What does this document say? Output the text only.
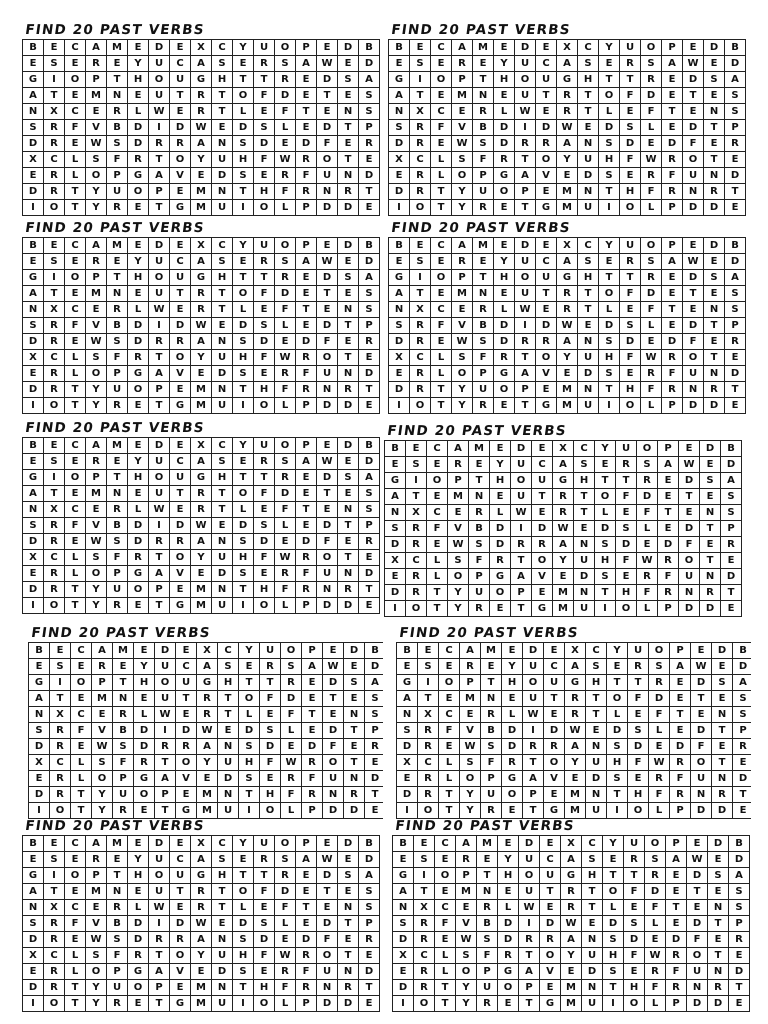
FIND 20 PAST VERBS
B	E	C	A	M	E	D	E	X	C	Y	U	O	P	E	D	B
E	S	E	R	E	Y	U	C	A	S	E	R	S	A	W	E	D
G	I	O	P	T	H	O	U	G	H	T	T	R	E	D	S	A
A	T	E	M	N	E	U	T	R	T	O	F	D	E	T	E	S
N	X	C	E	R	L	W	E	R	T	L	E	F	T	E	N	S
S	R	F	V	B	D	I	D	W	E	D	S	L	E	D	T	P
D	R	E	W	S	D	R	R	A	N	S	D	E	D	F	E	R
X	C	L	S	F	R	T	O	Y	U	H	F	W	R	O	T	E
E	R	L	O	P	G	A	V	E	D	S	E	R	F	U	N	D
D	R	T	Y	U	O	P	E	M	N	T	H	F	R	N	R	T
I	O	T	Y	R	E	T	G	M	U	I	O	L	P	D	D	E
FIND 20 PAST VERBS
B	E	C	A	M	E	D	E	X	C	Y	U	O	P	E	D	B
E	S	E	R	E	Y	U	C	A	S	E	R	S	A	W	E	D
G	I	O	P	T	H	O	U	G	H	T	T	R	E	D	S	A
A	T	E	M	N	E	U	T	R	T	O	F	D	E	T	E	S
N	X	C	E	R	L	W	E	R	T	L	E	F	T	E	N	S
S	R	F	V	B	D	I	D	W	E	D	S	L	E	D	T	P
D	R	E	W	S	D	R	R	A	N	S	D	E	D	F	E	R
X	C	L	S	F	R	T	O	Y	U	H	F	W	R	O	T	E
E	R	L	O	P	G	A	V	E	D	S	E	R	F	U	N	D
D	R	T	Y	U	O	P	E	M	N	T	H	F	R	N	R	T
I	O	T	Y	R	E	T	G	M	U	I	O	L	P	D	D	E
FIND 20 PAST VERBS
B	E	C	A	M	E	D	E	X	C	Y	U	O	P	E	D	B
E	S	E	R	E	Y	U	C	A	S	E	R	S	A	W	E	D
G	I	O	P	T	H	O	U	G	H	T	T	R	E	D	S	A
A	T	E	M	N	E	U	T	R	T	O	F	D	E	T	E	S
N	X	C	E	R	L	W	E	R	T	L	E	F	T	E	N	S
S	R	F	V	B	D	I	D	W	E	D	S	L	E	D	T	P
D	R	E	W	S	D	R	R	A	N	S	D	E	D	F	E	R
X	C	L	S	F	R	T	O	Y	U	H	F	W	R	O	T	E
E	R	L	O	P	G	A	V	E	D	S	E	R	F	U	N	D
D	R	T	Y	U	O	P	E	M	N	T	H	F	R	N	R	T
I	O	T	Y	R	E	T	G	M	U	I	O	L	P	D	D	E
FIND 20 PAST VERBS
B	E	C	A	M	E	D	E	X	C	Y	U	O	P	E	D	B
E	S	E	R	E	Y	U	C	A	S	E	R	S	A	W	E	D
G	I	O	P	T	H	O	U	G	H	T	T	R	E	D	S	A
A	T	E	M	N	E	U	T	R	T	O	F	D	E	T	E	S
N	X	C	E	R	L	W	E	R	T	L	E	F	T	E	N	S
S	R	F	V	B	D	I	D	W	E	D	S	L	E	D	T	P
D	R	E	W	S	D	R	R	A	N	S	D	E	D	F	E	R
X	C	L	S	F	R	T	O	Y	U	H	F	W	R	O	T	E
E	R	L	O	P	G	A	V	E	D	S	E	R	F	U	N	D
D	R	T	Y	U	O	P	E	M	N	T	H	F	R	N	R	T
I	O	T	Y	R	E	T	G	M	U	I	O	L	P	D	D	E
FIND 20 PAST VERBS
B	E	C	A	M	E	D	E	X	C	Y	U	O	P	E	D	B
E	S	E	R	E	Y	U	C	A	S	E	R	S	A	W	E	D
G	I	O	P	T	H	O	U	G	H	T	T	R	E	D	S	A
A	T	E	M	N	E	U	T	R	T	O	F	D	E	T	E	S
N	X	C	E	R	L	W	E	R	T	L	E	F	T	E	N	S
S	R	F	V	B	D	I	D	W	E	D	S	L	E	D	T	P
D	R	E	W	S	D	R	R	A	N	S	D	E	D	F	E	R
X	C	L	S	F	R	T	O	Y	U	H	F	W	R	O	T	E
E	R	L	O	P	G	A	V	E	D	S	E	R	F	U	N	D
D	R	T	Y	U	O	P	E	M	N	T	H	F	R	N	R	T
I	O	T	Y	R	E	T	G	M	U	I	O	L	P	D	D	E
FIND 20 PAST VERBS
B	E	C	A	M	E	D	E	X	C	Y	U	O	P	E	D	B
E	S	E	R	E	Y	U	C	A	S	E	R	S	A	W	E	D
G	I	O	P	T	H	O	U	G	H	T	T	R	E	D	S	A
A	T	E	M	N	E	U	T	R	T	O	F	D	E	T	E	S
N	X	C	E	R	L	W	E	R	T	L	E	F	T	E	N	S
S	R	F	V	B	D	I	D	W	E	D	S	L	E	D	T	P
D	R	E	W	S	D	R	R	A	N	S	D	E	D	F	E	R
X	C	L	S	F	R	T	O	Y	U	H	F	W	R	O	T	E
E	R	L	O	P	G	A	V	E	D	S	E	R	F	U	N	D
D	R	T	Y	U	O	P	E	M	N	T	H	F	R	N	R	T
I	O	T	Y	R	E	T	G	M	U	I	O	L	P	D	D	E
FIND 20 PAST VERBS
B	E	C	A	M	E	D	E	X	C	Y	U	O	P	E	D	B
E	S	E	R	E	Y	U	C	A	S	E	R	S	A	W	E	D
G	I	O	P	T	H	O	U	G	H	T	T	R	E	D	S	A
A	T	E	M	N	E	U	T	R	T	O	F	D	E	T	E	S
N	X	C	E	R	L	W	E	R	T	L	E	F	T	E	N	S
S	R	F	V	B	D	I	D	W	E	D	S	L	E	D	T	P
D	R	E	W	S	D	R	R	A	N	S	D	E	D	F	E	R
X	C	L	S	F	R	T	O	Y	U	H	F	W	R	O	T	E
E	R	L	O	P	G	A	V	E	D	S	E	R	F	U	N	D
D	R	T	Y	U	O	P	E	M	N	T	H	F	R	N	R	T
I	O	T	Y	R	E	T	G	M	U	I	O	L	P	D	D	E
FIND 20 PAST VERBS
B	E	C	A	M	E	D	E	X	C	Y	U	O	P	E	D	B
E	S	E	R	E	Y	U	C	A	S	E	R	S	A	W	E	D
G	I	O	P	T	H	O	U	G	H	T	T	R	E	D	S	A
A	T	E	M	N	E	U	T	R	T	O	F	D	E	T	E	S
N	X	C	E	R	L	W	E	R	T	L	E	F	T	E	N	S
S	R	F	V	B	D	I	D	W	E	D	S	L	E	D	T	P
D	R	E	W	S	D	R	R	A	N	S	D	E	D	F	E	R
X	C	L	S	F	R	T	O	Y	U	H	F	W	R	O	T	E
E	R	L	O	P	G	A	V	E	D	S	E	R	F	U	N	D
D	R	T	Y	U	O	P	E	M	N	T	H	F	R	N	R	T
I	O	T	Y	R	E	T	G	M	U	I	O	L	P	D	D	E
FIND 20 PAST VERBS
B	E	C	A	M	E	D	E	X	C	Y	U	O	P	E	D	B
E	S	E	R	E	Y	U	C	A	S	E	R	S	A	W	E	D
G	I	O	P	T	H	O	U	G	H	T	T	R	E	D	S	A
A	T	E	M	N	E	U	T	R	T	O	F	D	E	T	E	S
N	X	C	E	R	L	W	E	R	T	L	E	F	T	E	N	S
S	R	F	V	B	D	I	D	W	E	D	S	L	E	D	T	P
D	R	E	W	S	D	R	R	A	N	S	D	E	D	F	E	R
X	C	L	S	F	R	T	O	Y	U	H	F	W	R	O	T	E
E	R	L	O	P	G	A	V	E	D	S	E	R	F	U	N	D
D	R	T	Y	U	O	P	E	M	N	T	H	F	R	N	R	T
I	O	T	Y	R	E	T	G	M	U	I	O	L	P	D	D	E
FIND 20 PAST VERBS
B	E	C	A	M	E	D	E	X	C	Y	U	O	P	E	D	B
E	S	E	R	E	Y	U	C	A	S	E	R	S	A	W	E	D
G	I	O	P	T	H	O	U	G	H	T	T	R	E	D	S	A
A	T	E	M	N	E	U	T	R	T	O	F	D	E	T	E	S
N	X	C	E	R	L	W	E	R	T	L	E	F	T	E	N	S
S	R	F	V	B	D	I	D	W	E	D	S	L	E	D	T	P
D	R	E	W	S	D	R	R	A	N	S	D	E	D	F	E	R
X	C	L	S	F	R	T	O	Y	U	H	F	W	R	O	T	E
E	R	L	O	P	G	A	V	E	D	S	E	R	F	U	N	D
D	R	T	Y	U	O	P	E	M	N	T	H	F	R	N	R	T
I	O	T	Y	R	E	T	G	M	U	I	O	L	P	D	D	E
